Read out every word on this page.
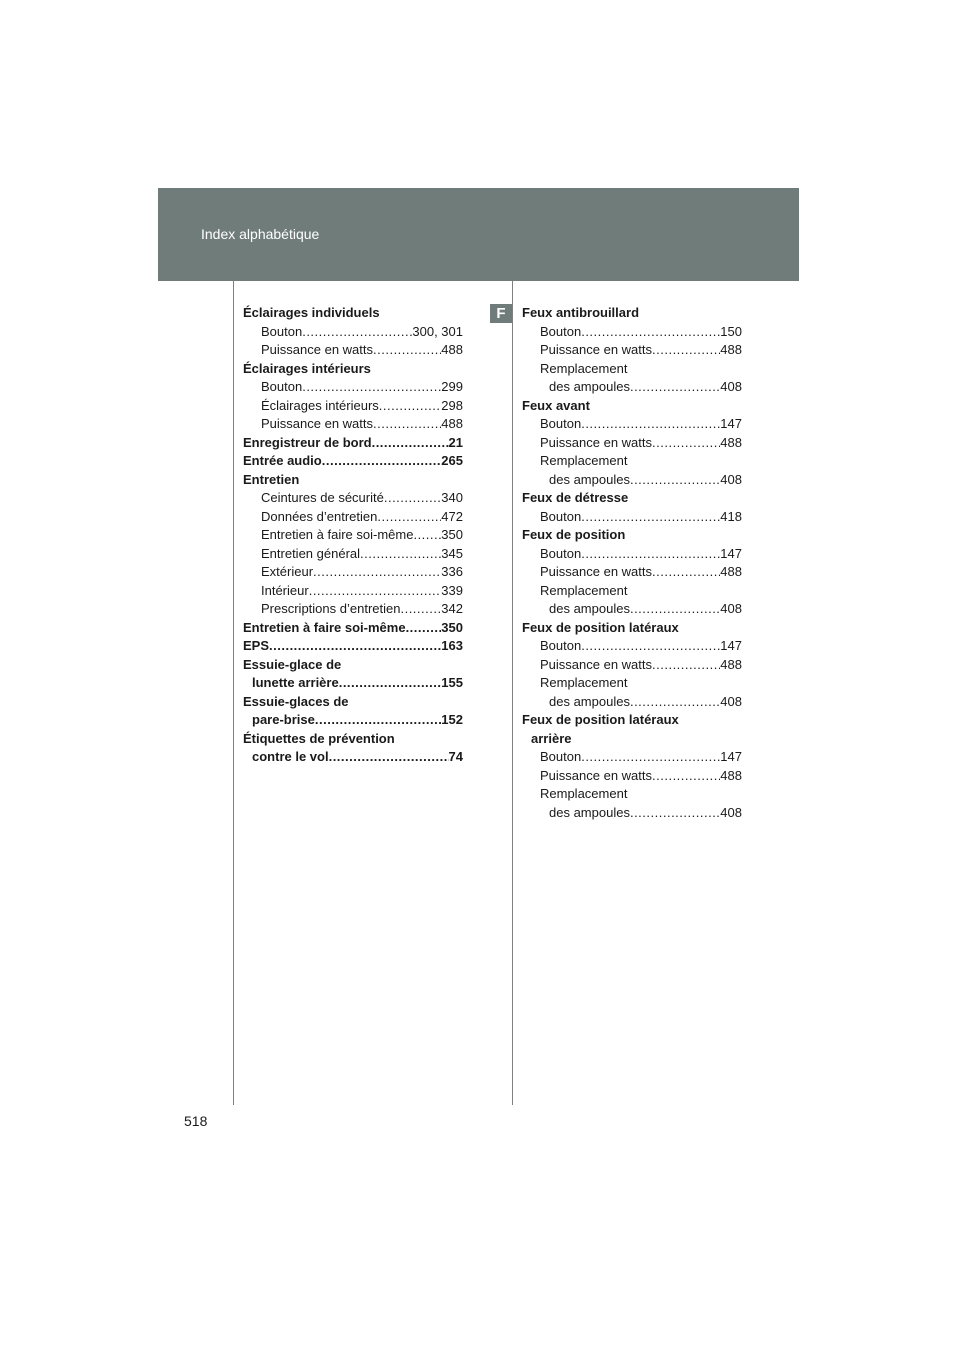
Index alphabétique
F
Éclairages individuels
Bouton .....	300, 301
Puissance en watts .....	488
Éclairages intérieurs
Bouton .....	299
Éclairages intérieurs .....	298
Puissance en watts .....	488
Enregistreur de bord .....	21
Entrée audio .....	265
Entretien
Ceintures de sécurité .....	340
Données d’entretien .....	472
Entretien à faire soi-même ..... 350
Entretien général .....	345
Extérieur .....	336
Intérieur .....	339
Prescriptions d’entretien .....	342
Entretien à faire soi-même .....	350
EPS .....	163
Essuie-glace de
lunette arrière .....	155
Essuie-glaces de
pare-brise .....	152
Étiquettes de prévention
contre le vol .....	74
Feux antibrouillard
Bouton .....	150
Puissance en watts .....	488
Remplacement
des ampoules .....	408
Feux avant
Bouton .....	147
Puissance en watts .....	488
Remplacement
des ampoules .....	408
Feux de détresse
Bouton .....	418
Feux de position
Bouton .....	147
Puissance en watts .....	488
Remplacement
des ampoules .....	408
Feux de position latéraux
Bouton .....	147
Puissance en watts .....	488
Remplacement
des ampoules .....	408
Feux de position latéraux
arrière
Bouton .....	147
Puissance en watts .....	488
Remplacement
des ampoules .....	408
518
